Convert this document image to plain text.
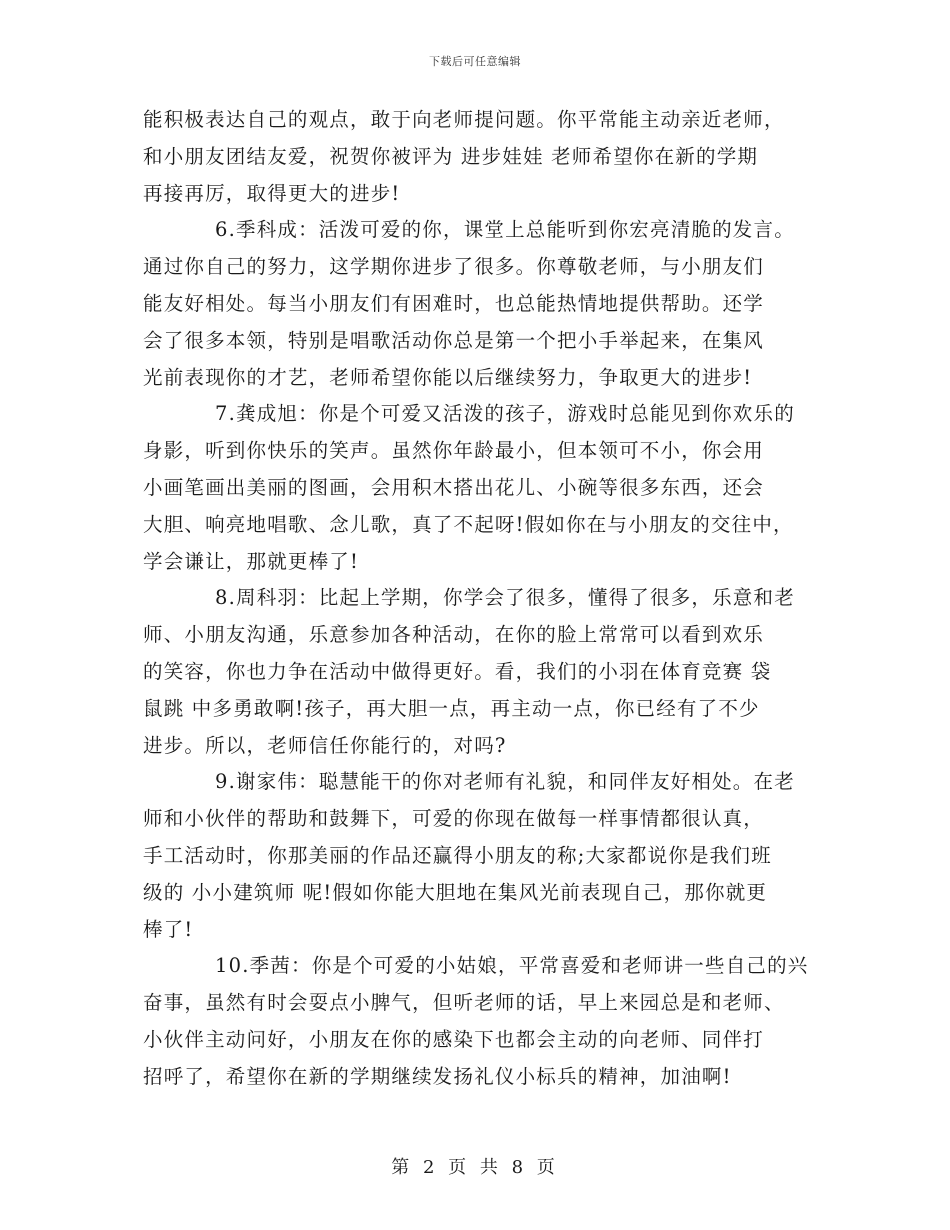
下载后可任意编辑
能积极表达自己的观点，敢于向老师提问题。你平常能主动亲近老师，
和小朋友团结友爱，祝贺你被评为 进步娃娃 老师希望你在新的学期
再接再厉，取得更大的进步!
6.季科成：活泼可爱的你，课堂上总能听到你宏亮清脆的发言。
通过你自己的努力，这学期你进步了很多。你尊敬老师，与小朋友们
能友好相处。每当小朋友们有困难时，也总能热情地提供帮助。还学
会了很多本领，特别是唱歌活动你总是第一个把小手举起来，在集风
光前表现你的才艺，老师希望你能以后继续努力，争取更大的进步!
7.龚成旭：你是个可爱又活泼的孩子，游戏时总能见到你欢乐的
身影，听到你快乐的笑声。虽然你年龄最小，但本领可不小，你会用
小画笔画出美丽的图画，会用积木搭出花儿、小碗等很多东西，还会
大胆、响亮地唱歌、念儿歌，真了不起呀!假如你在与小朋友的交往中，
学会谦让，那就更棒了!
8.周科羽：比起上学期，你学会了很多，懂得了很多，乐意和老
师、小朋友沟通，乐意参加各种活动，在你的脸上常常可以看到欢乐
的笑容，你也力争在活动中做得更好。看，我们的小羽在体育竞赛 袋
鼠跳 中多勇敢啊!孩子，再大胆一点，再主动一点，你已经有了不少
进步。所以，老师信任你能行的，对吗?
9.谢家伟：聪慧能干的你对老师有礼貌，和同伴友好相处。在老
师和小伙伴的帮助和鼓舞下，可爱的你现在做每一样事情都很认真，
手工活动时，你那美丽的作品还赢得小朋友的称;大家都说你是我们班
级的 小小建筑师 呢!假如你能大胆地在集风光前表现自己，那你就更
棒了!
10.季茜：你是个可爱的小姑娘，平常喜爱和老师讲一些自己的兴
奋事，虽然有时会耍点小脾气，但听老师的话，早上来园总是和老师、
小伙伴主动问好，小朋友在你的感染下也都会主动的向老师、同伴打
招呼了，希望你在新的学期继续发扬礼仪小标兵的精神，加油啊!
第 2 页 共 8 页
